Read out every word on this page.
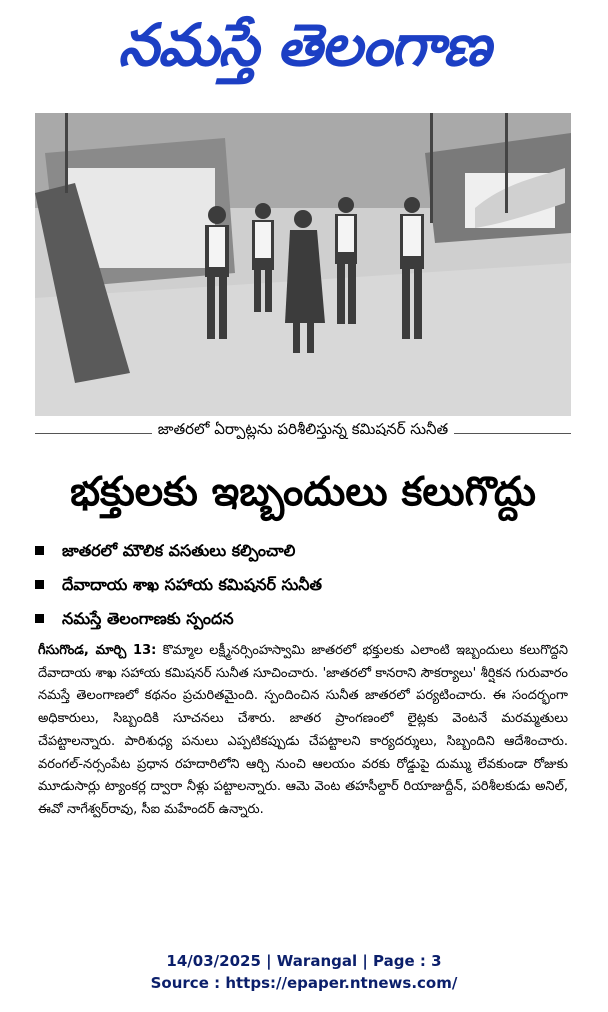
నమస్తే తెలంగాణ
జాతరలో ఏర్పాట్లను పరిశీలిస్తున్న కమిషనర్ సునీత
భక్తులకు ఇబ్బందులు కలుగొద్దు
జాతరలో మౌలిక వసతులు కల్పించాలి
దేవాదాయ శాఖ సహాయ కమిషనర్ సునీత
నమస్తే తెలంగాణకు స్పందన
గీసుగొండ, మార్చి 13: కొమ్మాల లక్ష్మీనర్సింహస్వామి జాతరలో భక్తులకు ఎలాంటి ఇబ్బందులు కలుగొద్దని దేవాదాయ శాఖ సహాయ కమిషనర్ సునీత సూచించారు. 'జాతరలో కానరాని సౌకర్యాలు' శీర్షికన గురువారం నమస్తే తెలంగాణలో కథనం ప్రచురితమైంది. స్పందించిన సునీత జాతరలో పర్యటించారు. ఈ సందర్భంగా అధికారులు, సిబ్బందికి సూచనలు చేశారు. జాతర ప్రాంగణంలో లైట్లకు వెంటనే మరమ్మతులు చేపట్టాలన్నారు. పారిశుధ్య పనులు ఎప్పటికప్పుడు చేపట్టాలని కార్యదర్శులు, సిబ్బందిని ఆదేశించారు. వరంగల్-నర్సంపేట ప్రధాన రహదారిలోని ఆర్చి నుంచి ఆలయం వరకు రోడ్డుపై దుమ్ము లేవకుండా రోజుకు మూడుసార్లు ట్యాంకర్ల ద్వారా నీళ్లు పట్టాలన్నారు. ఆమె వెంట తహసీల్దార్ రియాజుద్దీన్, పరిశీలకుడు అనిల్, ఈవో నాగేశ్వర్‌రావు, సీఐ మహేందర్ ఉన్నారు.
14/03/2025 | Warangal | Page : 3
Source : https://epaper.ntnews.com/
